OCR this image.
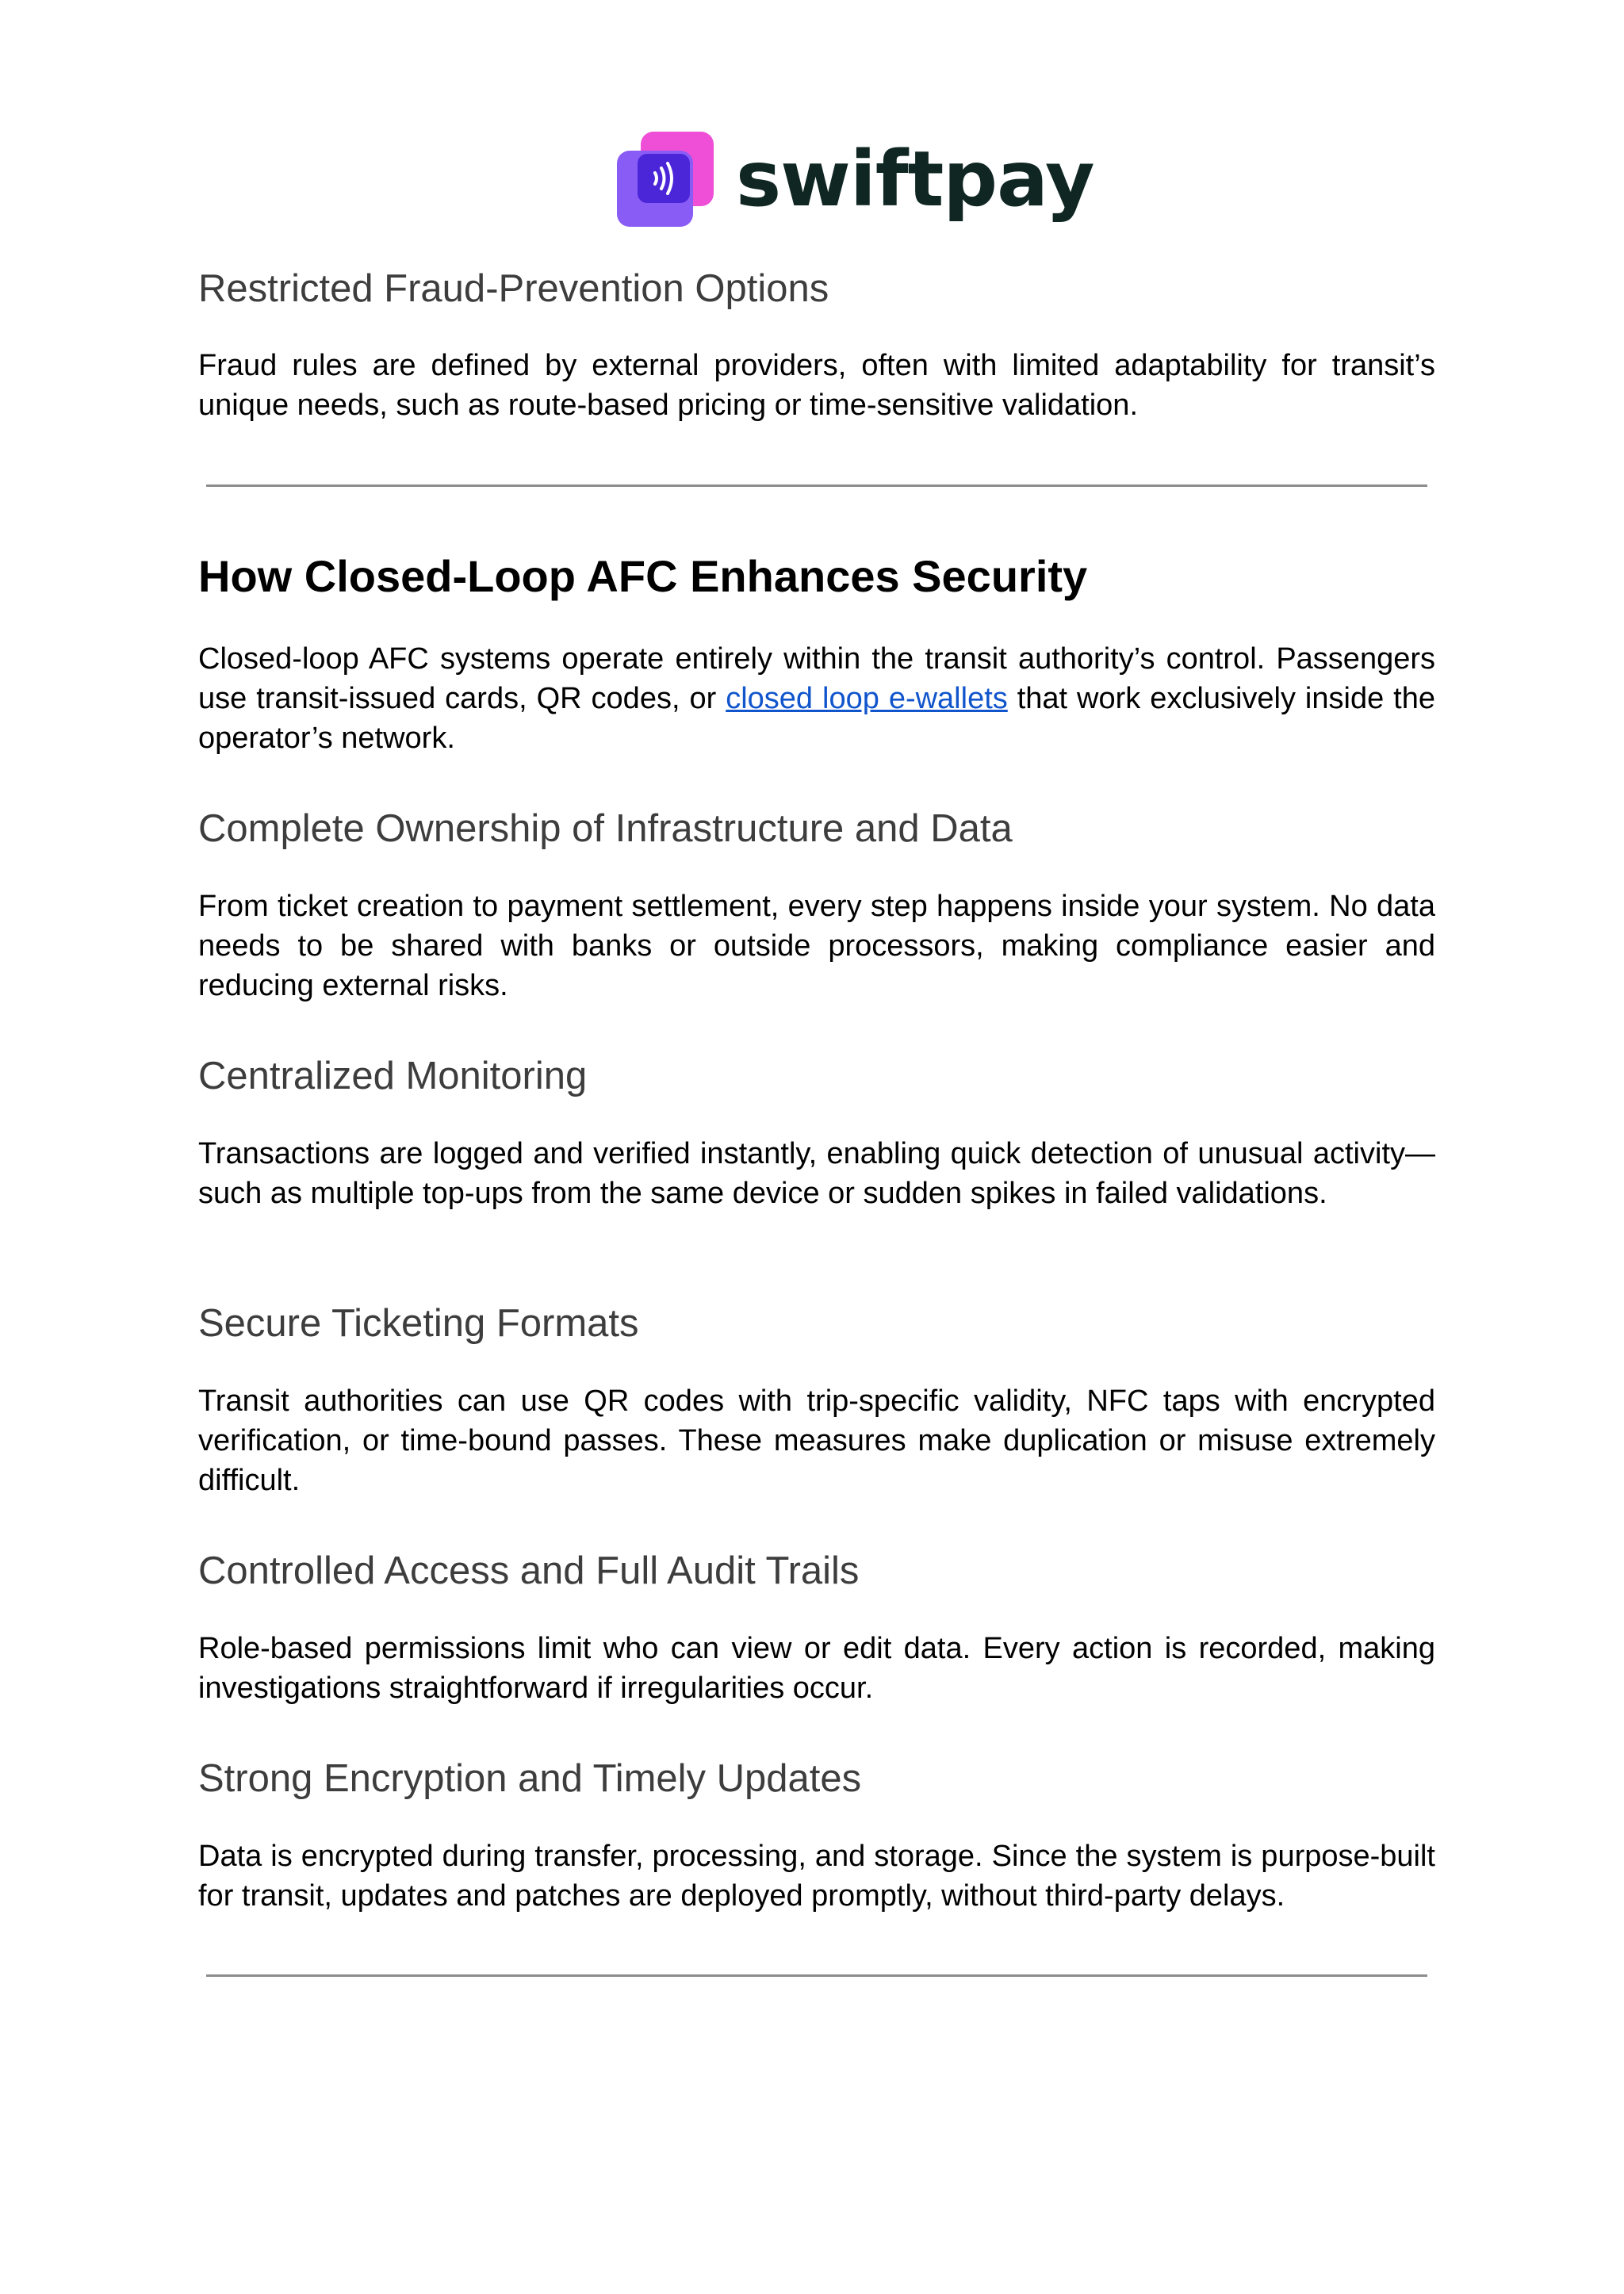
swiftpay
Restricted Fraud-Prevention Options

Fraud rules are defined by external providers, often with limited adaptability for transit’s unique needs, such as route-based pricing or time-sensitive validation.

How Closed-Loop AFC Enhances Security

Closed-loop AFC systems operate entirely within the transit authority’s control. Passengers use transit-issued cards, QR codes, or closed loop e-wallets that work exclusively inside the operator’s network.

Complete Ownership of Infrastructure and Data

From ticket creation to payment settlement, every step happens inside your system. No data needs to be shared with banks or outside processors, making compliance easier and reducing external risks.

Centralized Monitoring

Transactions are logged and verified instantly, enabling quick detection of unusual activity—such as multiple top-ups from the same device or sudden spikes in failed validations.

Secure Ticketing Formats

Transit authorities can use QR codes with trip-specific validity, NFC taps with encrypted verification, or time-bound passes. These measures make duplication or misuse extremely difficult.

Controlled Access and Full Audit Trails

Role-based permissions limit who can view or edit data. Every action is recorded, making investigations straightforward if irregularities occur.

Strong Encryption and Timely Updates

Data is encrypted during transfer, processing, and storage. Since the system is purpose-built for transit, updates and patches are deployed promptly, without third-party delays.
